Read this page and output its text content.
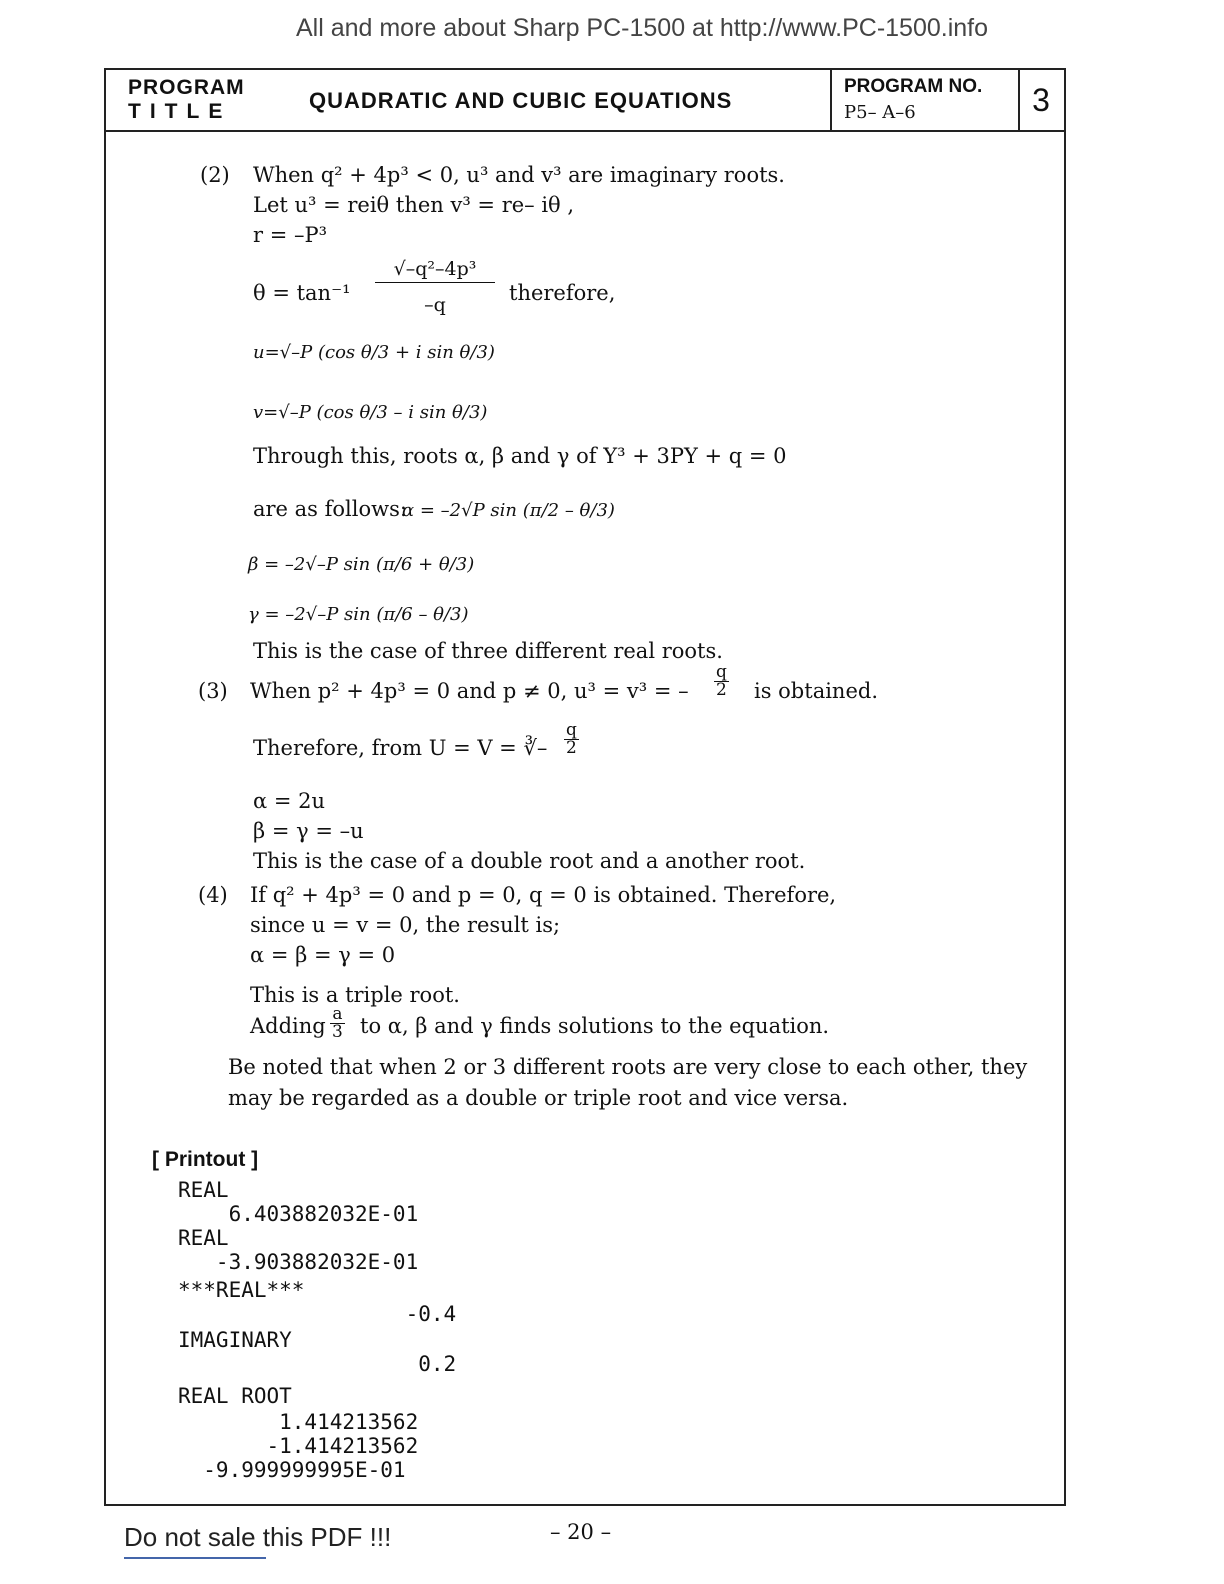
All and more about Sharp PC-1500 at http://www.PC-1500.info
PROGRAM
TITLE	QUADRATIC AND CUBIC EQUATIONS
PROGRAM NO.
P5– A–6	3
(2) When q² + 4p³ < 0, u³ and v³ are imaginary roots.
Let u³ = reiθ then v³ = re– iθ ,
r = –P³
θ = tan⁻¹
√–q²–4p³
–q	therefore,
u=√–P (cos θ/3 + i sin θ/3)
v=√–P (cos θ/3 – i sin θ/3)
Through this, roots α, β and γ of Y³ + 3PY + q = 0
are as follows:
α = –2√P sin (π/2 – θ/3)
β = –2√–P sin (π/6 + θ/3)
γ = –2√–P sin (π/6 – θ/3)
This is the case of three different real roots.
(3) When p² + 4p³ = 0 and p ≠ 0, u³ = v³ = – $\frac{q}{2}$ is obtained.
Therefore, from U = V = ∛– $\frac{q}{2}$
α = 2u
β = γ = –u
This is the case of a double root and a another root.
(4) If q² + 4p³ = 0 and p = 0, q = 0 is obtained. Therefore,
since u = v = 0, the result is;
α = β = γ = 0
This is a triple root.
Adding $\frac{a}{3}$ to α, β and γ finds solutions to the equation.
Be noted that when 2 or 3 different roots are very close to each other, they
may be regarded as a double or triple root and vice versa.
[ Printout ]
REAL
6.403882032E-01
REAL
-3.903882032E-01
***REAL***
-0.4
IMAGINARY
0.2
REAL ROOT
1.414213562
-1.414213562
-9.999999995E-01
Do not sale this PDF !!!	– 20 –
